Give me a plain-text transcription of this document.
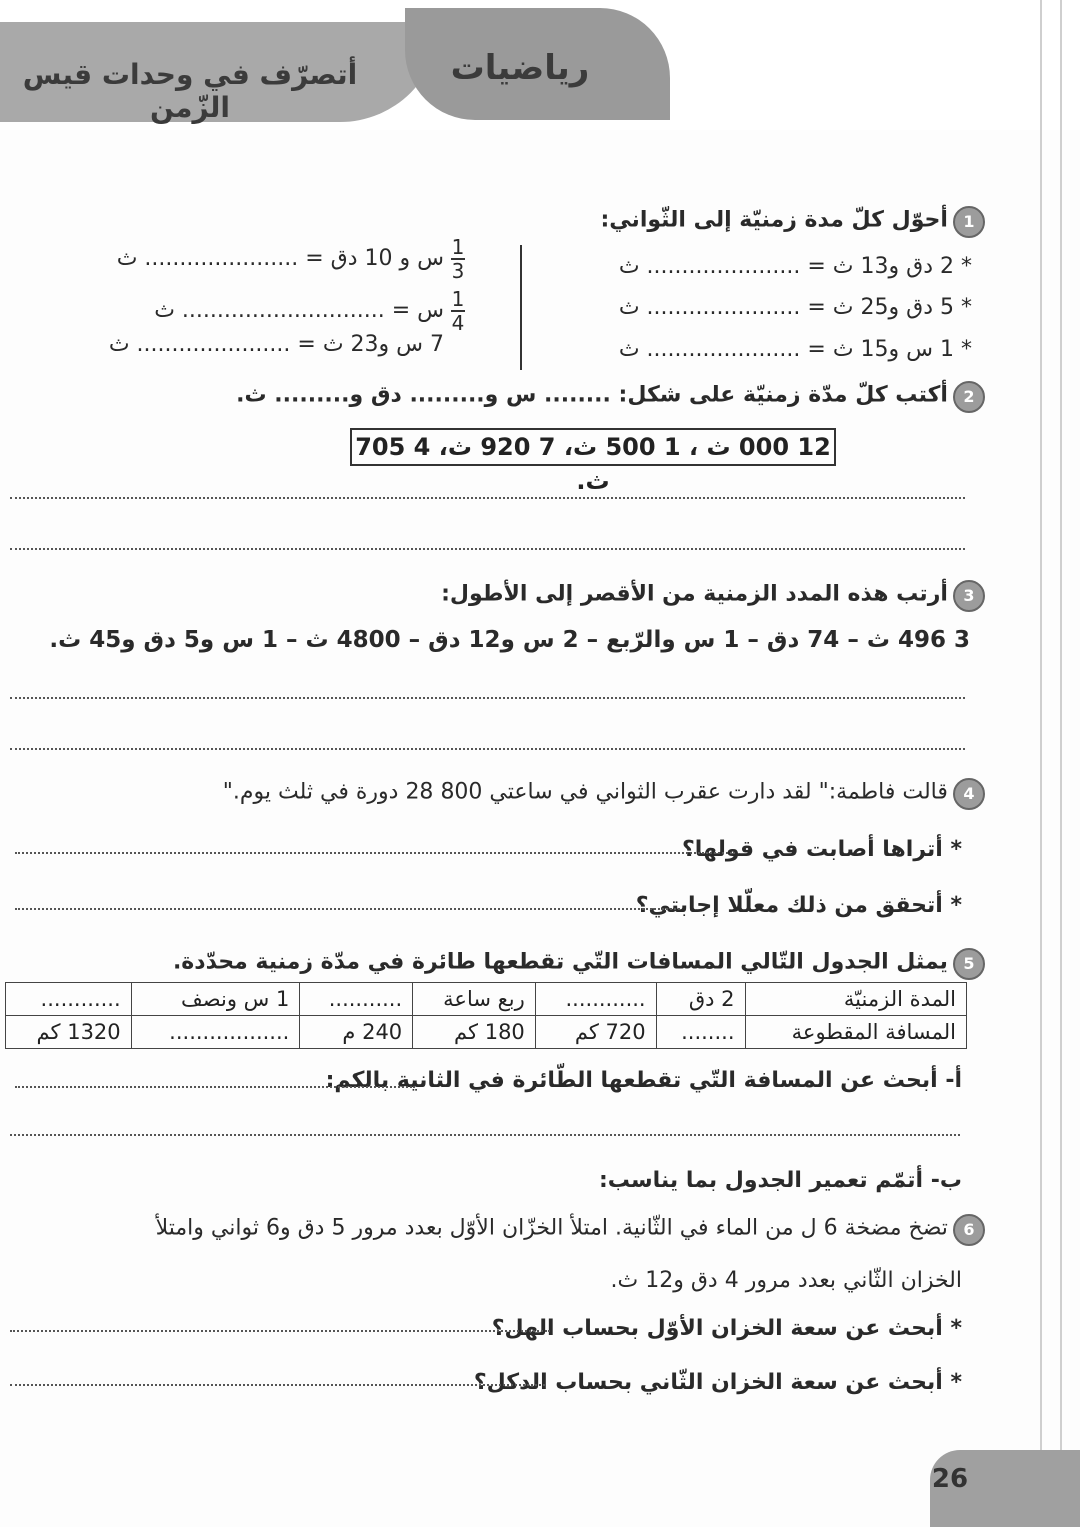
رياضيات
أتصرّف في وحدات قيس الزّمن
1 أحوّل كلّ مدة زمنيّة إلى الثّواني:
* 2 دق و13 ث = ...................... ث
* 5 دق و25 ث = ...................... ث
* 1 س و15 ث = ...................... ث
$\frac{1}{3}$ س و 10 دق = ...................... ث
$\frac{1}{4}$ س = ............................. ث
7 س و23 ث = ...................... ث
2 أكتب كلّ مدّة زمنيّة على شكل: ........ س و......... دق و......... ث.
12 000 ث ، 1 500 ث، 7 920 ث، 4 705 ث.
3 أرتب هذه المدد الزمنية من الأقصر إلى الأطول:
3 496 ث – 74 دق – 1 س والرّبع – 2 س و12 دق – 4800 ث – 1 س و5 دق و45 ث.
4 قالت فاطمة:" لقد دارت عقرب الثواني في ساعتي 800 28 دورة في ثلث يوم."
* أتراها أصابت في قولها؟
* أتحقق من ذلك معلّلا إجابتي؟
5 يمثل الجدول التّالي المسافات التّي تقطعها طائرة في مدّة زمنية محدّدة.
المدة الزمنيّة	2 دق	............	ربع ساعة	...........	1 س ونصف	............
المسافة المقطوعة	........	720 كم	180 كم	240 م	..................	1320 كم
أ- أبحث عن المسافة التّي تقطعها الطّائرة في الثانية بالكم:
ب- أتمّم تعمير الجدول بما يناسب:
6 تضخ مضخة 6 ل من الماء في الثّانية. امتلأ الخزّان الأوّل بعدد مرور 5 دق و6 ثواني وامتلأ
الخزان الثّاني بعدد مرور 4 دق و12 ث.
* أبحث عن سعة الخزان الأوّل بحساب الهل؟
* أبحث عن سعة الخزان الثّاني بحساب الدكل؟
26
